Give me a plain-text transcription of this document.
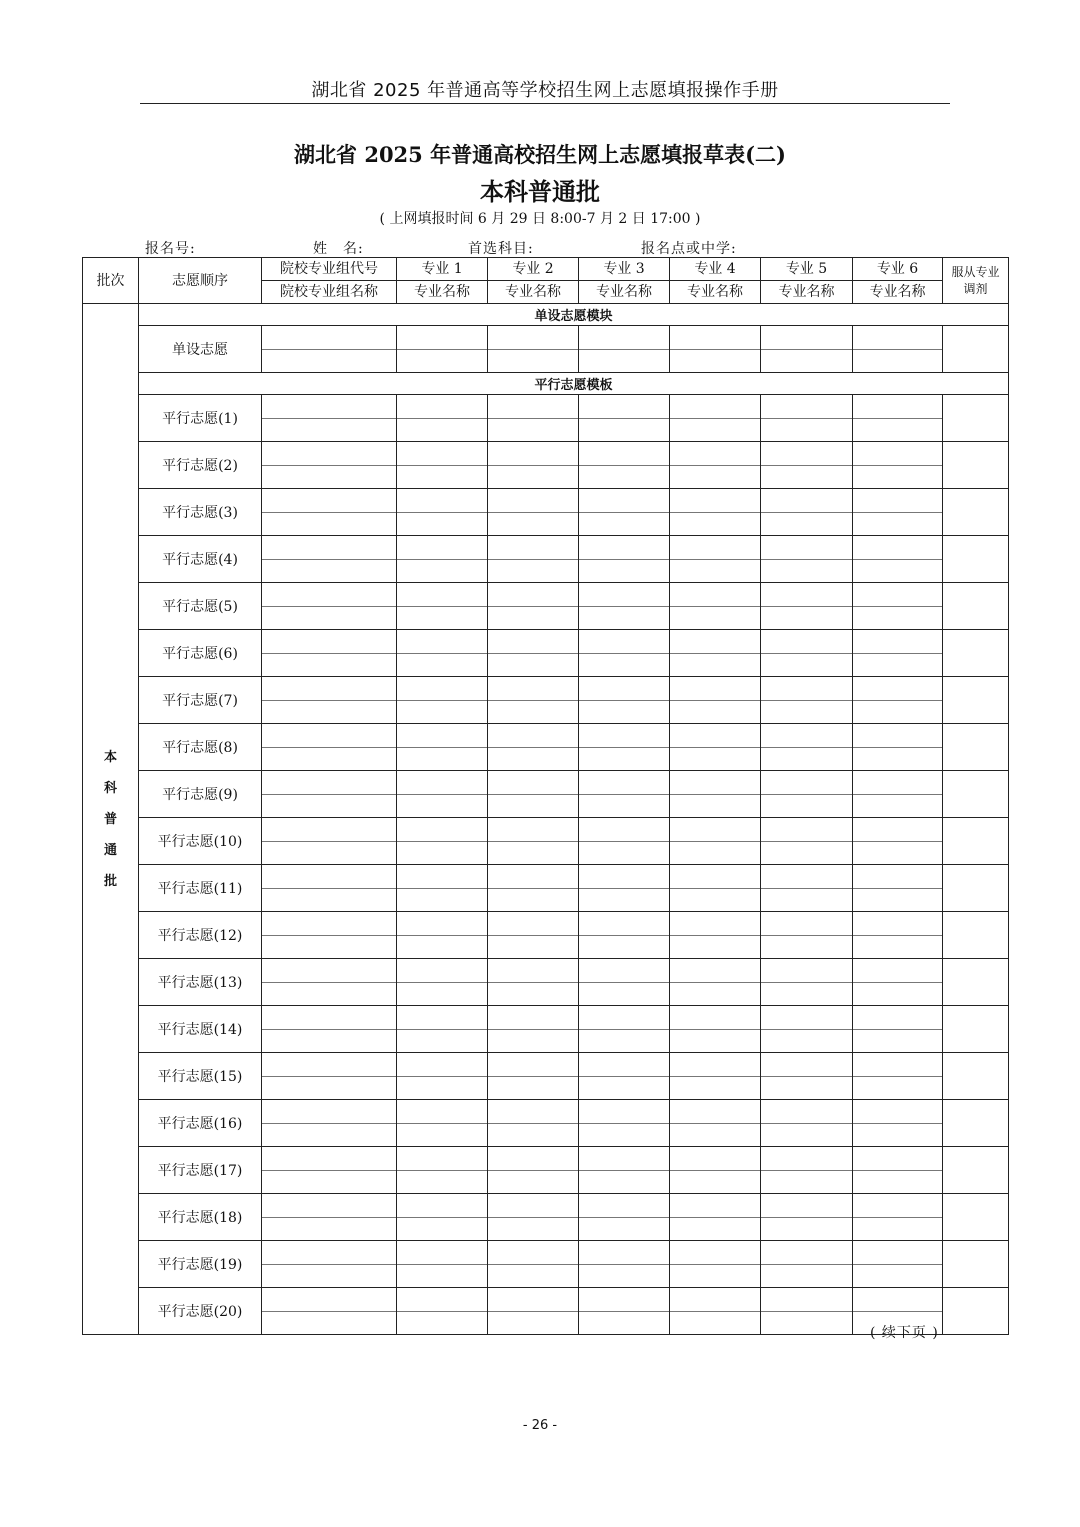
湖北省 2025 年普通高等学校招生网上志愿填报操作手册
湖北省 2025 年普通高校招生网上志愿填报草表(二)
本科普通批
( 上网填报时间 6 月 29 日 8:00-7 月 2 日 17:00 )
报名号:	姓　名:	首选科目:	报名点或中学:
批次	志愿顺序	院校专业组代号	专业 1	专业 2	专业 3	专业 4	专业 5	专业 6	服从专业调剂

		院校专业组名称	专业名称	专业名称	专业名称	专业名称	专业名称	专业名称	
本科普通批	单设志愿模块								
	单设志愿								
	平行志愿模板								
	平行志愿(1)								
	平行志愿(2)								
	平行志愿(3)								
	平行志愿(4)								
	平行志愿(5)								
	平行志愿(6)								
	平行志愿(7)								
	平行志愿(8)								
	平行志愿(9)								
	平行志愿(10)								
	平行志愿(11)								
	平行志愿(12)								
	平行志愿(13)								
	平行志愿(14)								
	平行志愿(15)								
	平行志愿(16)								
	平行志愿(17)								
	平行志愿(18)								
	平行志愿(19)								
	平行志愿(20)								
( 续下页 )
- 26 -
